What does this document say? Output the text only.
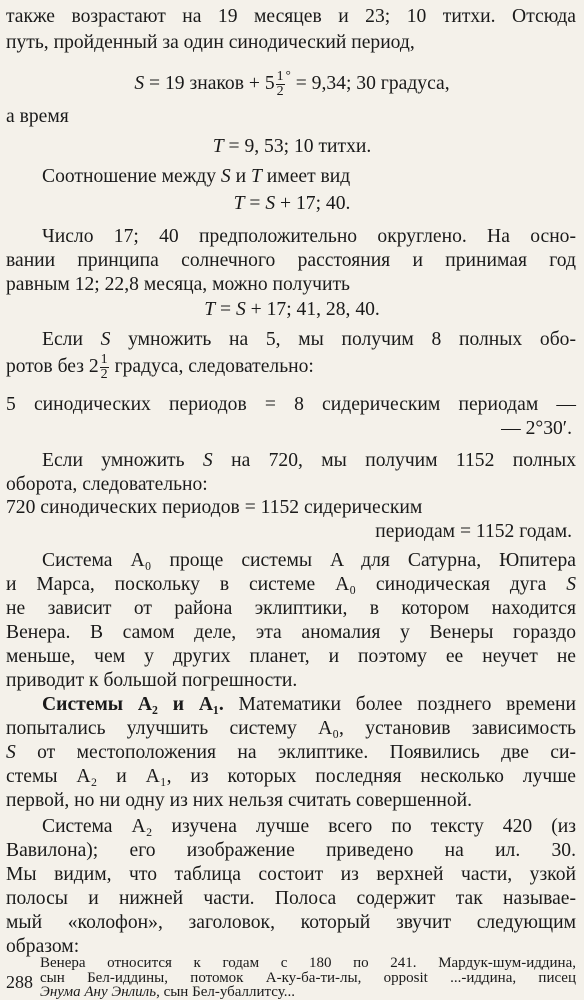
также возрастают на 19 месяцев и 23; 10 титхи. Отсюда
путь, пройденный за один синодический период,
S = 19 знаков + $5 \frac{1}{2} ^\circ = 9,34$; 30 градуса,
а время
T = 9, 53; 10 титхи.
Соотношение между S и T имеет вид
T = S + 17; 40.
Число 17; 40 предположительно округлено. На осно-
вании принципа солнечного расстояния и принимая год
равным 12; 22,8 месяца, можно получить
T = S + 17; 41, 28, 40.
Если S умножить на 5, мы получим 8 полных обо-
ротов без $2 \frac{1}{2}$ градуса, следовательно:
5 синодических периодов = 8 сидерическим периодам —
— 2°30′.
Если умножить S на 720, мы получим 1152 полных
оборота, следовательно:
720 синодических периодов = 1152 сидерическим
периодам = 1152 годам.
Система A₀ проще системы A для Сатурна, Юпитера
и Марса, поскольку в системе A₀ синодическая дуга S
не зависит от района эклиптики, в котором находится
Венера. В самом деле, эта аномалия у Венеры гораздо
меньше, чем у других планет, и поэтому ее неучет не
приводит к большой погрешности.
Системы A₂ и A₁. Математики более позднего времени
попытались улучшить систему A₀, установив зависимость
S от местоположения на эклиптике. Появились две си-
стемы A₂ и A₁, из которых последняя несколько лучше
первой, но ни одну из них нельзя считать совершенной.
Система A₂ изучена лучше всего по тексту 420 (из
Вавилона); его изображение приведено на ил. 30.
Мы видим, что таблица состоит из верхней части, узкой
полосы и нижней части. Полоса содержит так называе-
мый «колофон», заголовок, который звучит следующим
образом:
288
Венера относится к годам с 180 по 241. Мардук-шум-иддина,
сын Бел-иддины, потомок А-ку-ба-ти-лы, opposit ...-иддина, писец
Энума Ану Энлиль, сын Бел-убаллитсу...
